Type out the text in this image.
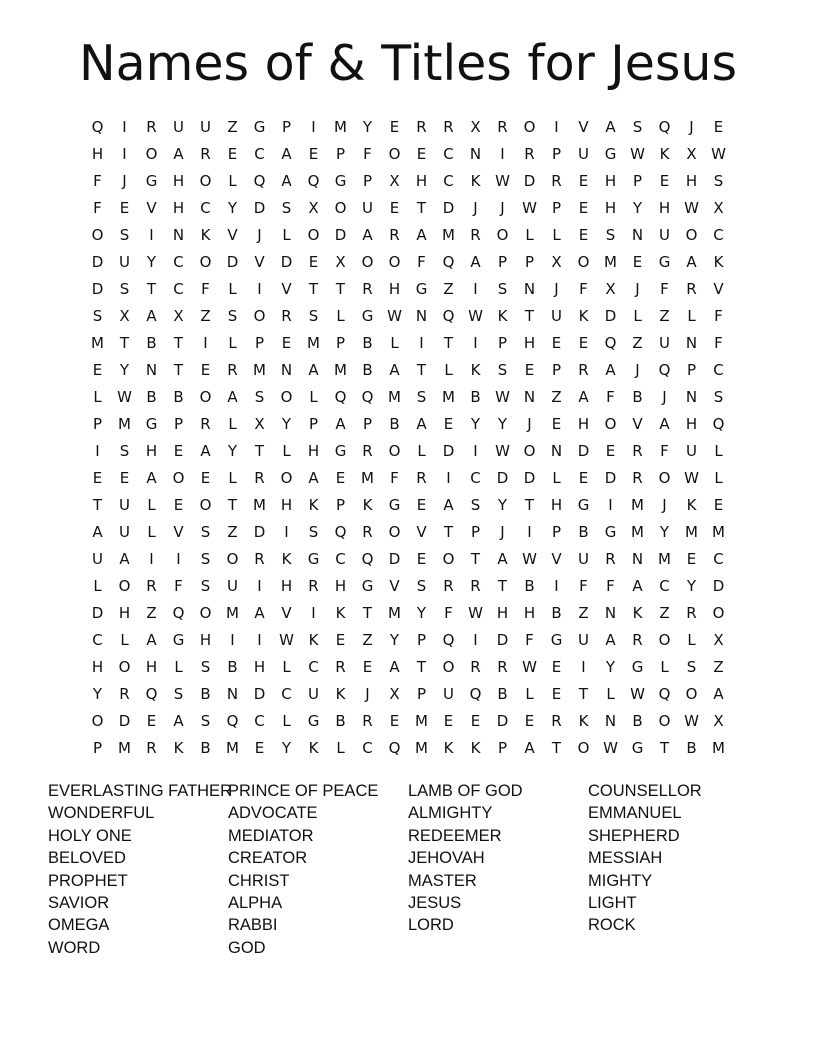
Names of & Titles for Jesus
Q	I	R	U	U	Z	G	P	I	M	Y	E	R	R	X	R	O	I	V	A	S	Q	J	E
H	I	O	A	R	E	C	A	E	P	F	O	E	C	N	I	R	P	U	G W K	X W
F	J	G	H	O	L	Q	A	Q	G	P	X	H	C	K W D	R	E	H	P	E	H	S
F	E	V	H	C	Y	D	S	X	O	U	E	T	D	J	J	W	P	E	H	Y	H W X
O	S	I	N	K	V	J	L	O	D	A	R	A	M	R	O	L	L	E	S	N	U	O	C
D	U	Y	C	O	D	V	D	E	X	O	O	F	Q	A	P	P	X	O M	E	G	A	K
D	S	T	C	F	L	I	V	T	T	R	H	G	Z	I	S	N	J	F	X	J	F	R	V
S	X	A	X	Z	S	O	R	S	L	G W N	Q W K	T	U	K	D	L	Z	L	F
M	T	B	T	I	L	P	E	M	P	B	L	I	T	I	P	H	E	E	Q	Z	U	N	F
E	Y	N	T	E	R	M N	A	M	B	A	T	L	K	S	E	P	R	A	J	Q	P	C
L	W B	B	O	A	S	O	L	Q	Q M	S	M	B W N	Z	A	F	B	J	N	S
P	M G	P	R	L	X	Y	P	A	P	B	A	E	Y	Y	J	E	H	O	V	A	H	Q
I	S	H	E	A	Y	T	L	H	G	R	O	L	D	I	W O	N	D	E	R	F	U	L
E	E	A	O	E	L	R	O	A	E	M	F	R	I	C	D	D	L	E	D	R	O W	L
T	U	L	E	O	T	M H	K	P	K	G	E	A	S	Y	T	H	G	I	M	J	K	E
A	U	L	V	S	Z	D	I	S	Q	R	O	V	T	P	J	I	P	B	G M	Y	M M
U	A	I	I	S	O	R	K	G	C	Q	D	E	O	T	A W V	U	R	N M	E	C
L	O	R	F	S	U	I	H	R	H	G	V	S	R	R	T	B	I	F	F	A	C	Y	D
D	H	Z	Q	O M	A	V	I	K	T	M	Y	F	W H	H	B	Z	N	K	Z	R	O
C	L	A	G	H	I	I	W K	E	Z	Y	P	Q	I	D	F	G	U	A	R	O	L	X
H	O	H	L	S	B	H	L	C	R	E	A	T	O	R	R W E	I	Y	G	L	S	Z
Y	R	Q	S	B	N	D	C	U	K	J	X	P	U	Q	B	L	E	T	L	W Q	O	A
O	D	E	A	S	Q	C	L	G	B	R	E	M	E	E	D	E	R	K	N	B	O W X
P	M	R	K	B	M	E	Y	K	L	C	Q M	K	K	P	A	T	O W G	T	B	M
EVERLASTING FATHER
WONDERFUL
HOLY ONE
BELOVED
PROPHET
SAVIOR
OMEGA
WORD
PRINCE OF PEACE
ADVOCATE
MEDIATOR
CREATOR
CHRIST
ALPHA
RABBI
GOD
LAMB OF GOD
ALMIGHTY
REDEEMER
JEHOVAH
MASTER
JESUS
LORD
COUNSELLOR
EMMANUEL
SHEPHERD
MESSIAH
MIGHTY
LIGHT
ROCK
